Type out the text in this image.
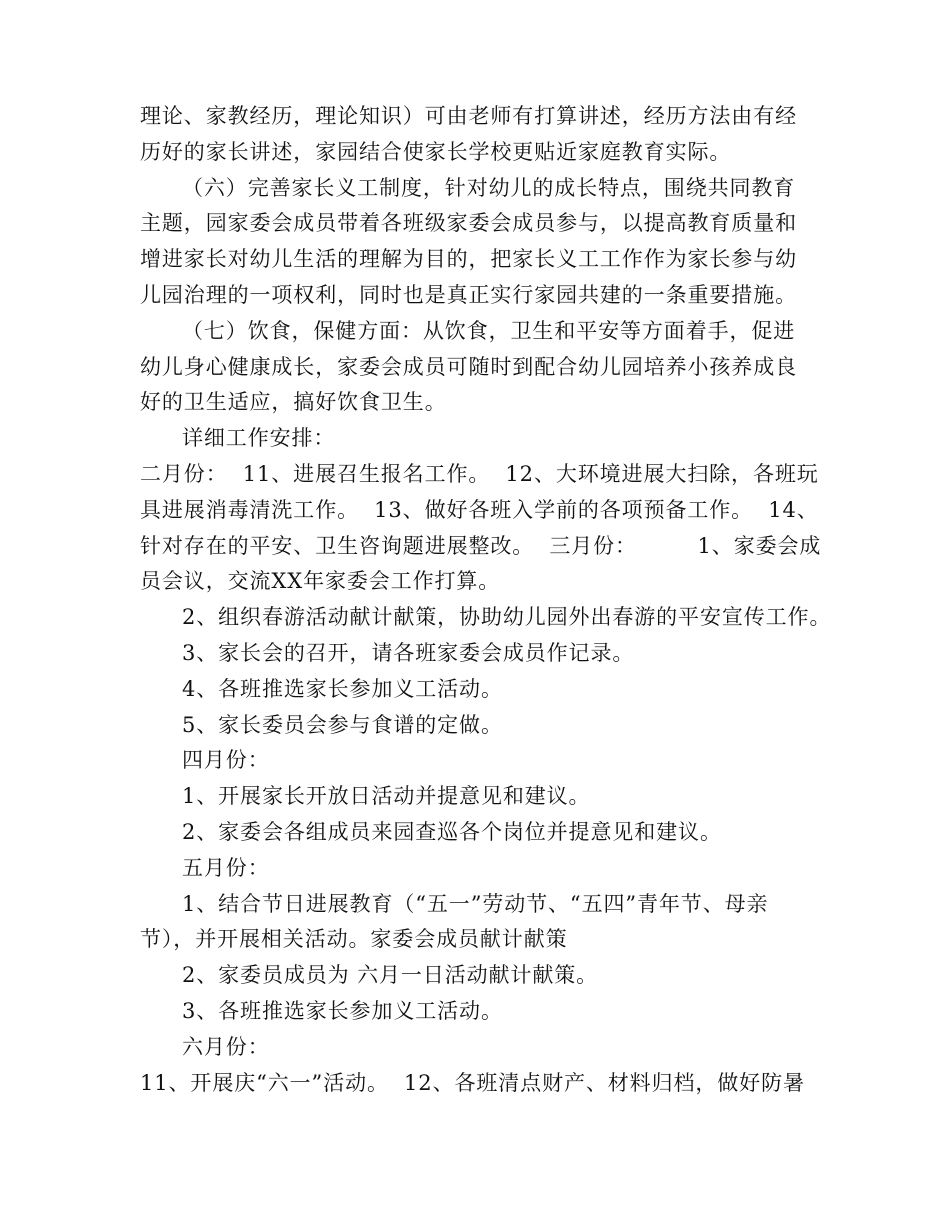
理论、家教经历，理论知识）可由老师有打算讲述，经历方法由有经
历好的家长讲述，家园结合使家长学校更贴近家庭教育实际。
（六）完善家长义工制度，针对幼儿的成长特点，围绕共同教育
主题，园家委会成员带着各班级家委会成员参与，以提高教育质量和
增进家长对幼儿生活的理解为目的，把家长义工工作作为家长参与幼
儿园治理的一项权利，同时也是真正实行家园共建的一条重要措施。
（七）饮食，保健方面：从饮食，卫生和平安等方面着手，促进
幼儿身心健康成长，家委会成员可随时到配合幼儿园培养小孩养成良
好的卫生适应，搞好饮食卫生。
详细工作安排：
二月份：  11、进展召生报名工作。  12、大环境进展大扫除，各班玩
具进展消毒清洗工作。  13、做好各班入学前的各项预备工作。  14、
针对存在的平安、卫生咨询题进展整改。  三月份：        1、家委会成
员会议，交流XX年家委会工作打算。
2、组织春游活动献计献策，协助幼儿园外出春游的平安宣传工作。
3、家长会的召开，请各班家委会成员作记录。
4、各班推选家长参加义工活动。
5、家长委员会参与食谱的定做。
四月份：
1、开展家长开放日活动并提意见和建议。
2、家委会各组成员来园查巡各个岗位并提意见和建议。
五月份：
1、结合节日进展教育（“五一”劳动节、“五四”青年节、母亲
节），并开展相关活动。家委会成员献计献策
2、家委员成员为 六月一日活动献计献策。
3、各班推选家长参加义工活动。
六月份：
11、开展庆“六一”活动。  12、各班清点财产、材料归档，做好防暑
